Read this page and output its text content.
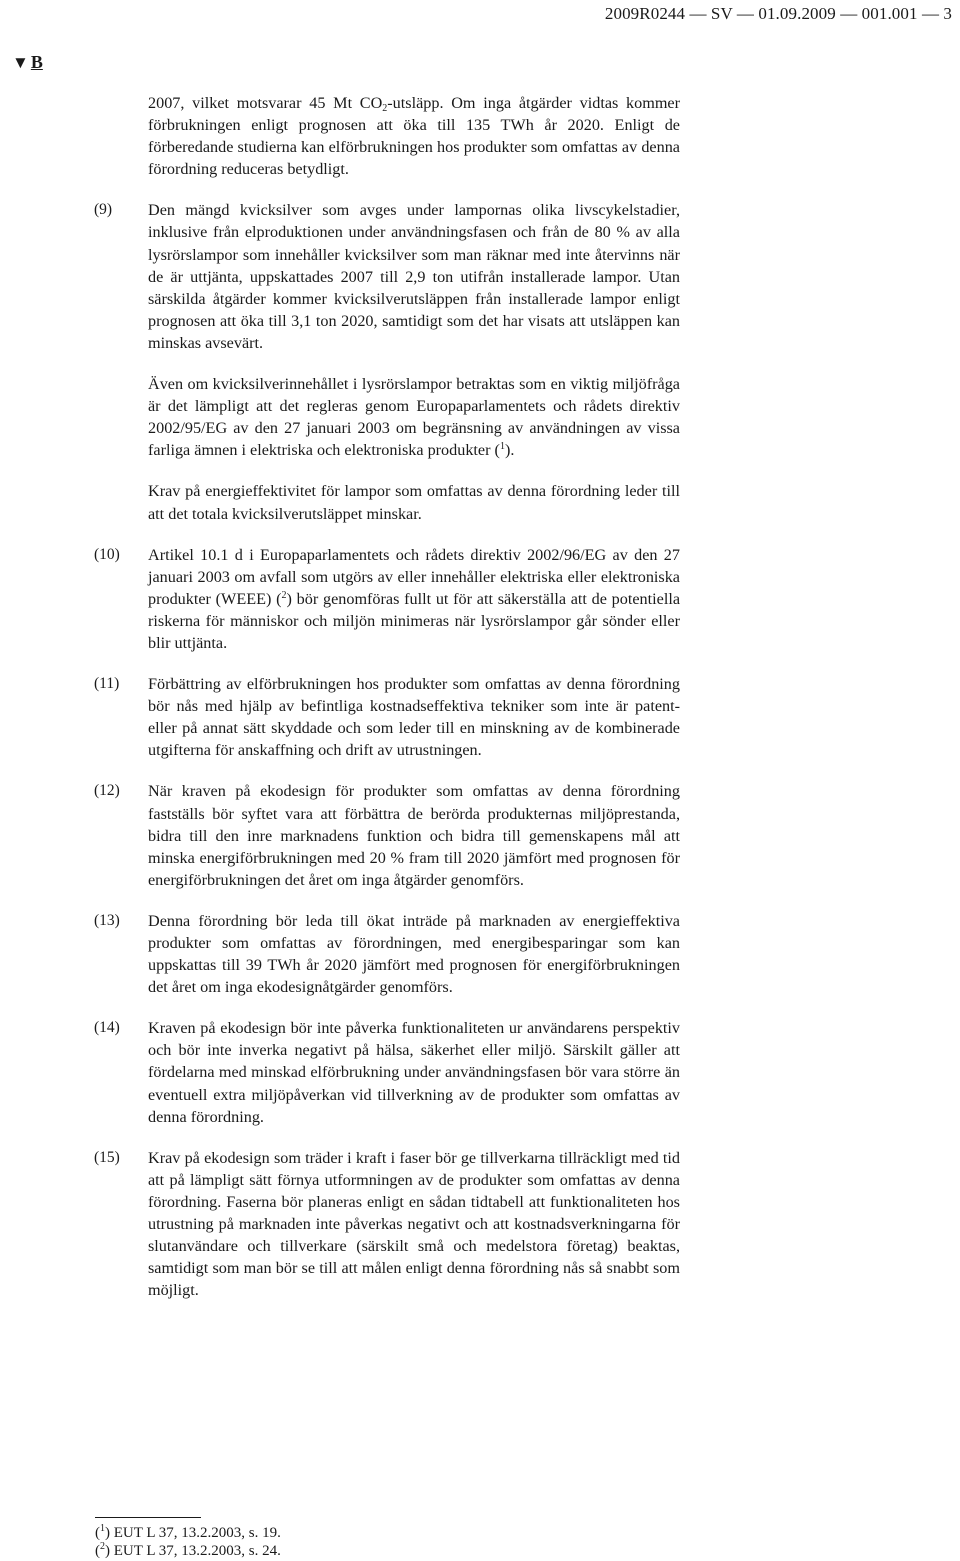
2009R0244 — SV — 01.09.2009 — 001.001 — 3
▼ B
2007, vilket motsvarar 45 Mt $CO_2$-utsläpp. Om inga åtgärder vidtas kommer förbrukningen enligt prognosen att öka till 135 TWh år 2020. Enligt de förberedande studierna kan elförbrukningen hos produkter som omfattas av denna förordning reduceras betydligt.
(9) Den mängd kvicksilver som avges under lampornas olika livscykelstadier, inklusive från elproduktionen under användningsfasen och från de 80 % av alla lysrörslampor som innehåller kvicksilver som man räknar med inte återvinns när de är uttjänta, uppskattades 2007 till 2,9 ton utifrån installerade lampor. Utan särskilda åtgärder kommer kvicksilverutsläppen från installerade lampor enligt prognosen att öka till 3,1 ton 2020, samtidigt som det har visats att utsläppen kan minskas avsevärt.
Även om kvicksilverinnehållet i lysrörslampor betraktas som en viktig miljöfråga är det lämpligt att det regleras genom Europaparlamentets och rådets direktiv 2002/95/EG av den 27 januari 2003 om begränsning av användningen av vissa farliga ämnen i elektriska och elektroniska produkter ($^1$).
Krav på energieffektivitet för lampor som omfattas av denna förordning leder till att det totala kvicksilverutsläppet minskar.
(10) Artikel 10.1 d i Europaparlamentets och rådets direktiv 2002/96/EG av den 27 januari 2003 om avfall som utgörs av eller innehåller elektriska eller elektroniska produkter (WEEE) ($^2$) bör genomföras fullt ut för att säkerställa att de potentiella riskerna för människor och miljön minimeras när lysrörslampor går sönder eller blir uttjänta.
(11) Förbättring av elförbrukningen hos produkter som omfattas av denna förordning bör nås med hjälp av befintliga kostnadseffektiva tekniker som inte är patent- eller på annat sätt skyddade och som leder till en minskning av de kombinerade utgifterna för anskaffning och drift av utrustningen.
(12) När kraven på ekodesign för produkter som omfattas av denna förordning fastställs bör syftet vara att förbättra de berörda produkternas miljöprestanda, bidra till den inre marknadens funktion och bidra till gemenskapens mål att minska energiförbrukningen med 20 % fram till 2020 jämfört med prognosen för energiförbrukningen det året om inga åtgärder genomförs.
(13) Denna förordning bör leda till ökat inträde på marknaden av energieffektiva produkter som omfattas av förordningen, med energibesparingar som kan uppskattas till 39 TWh år 2020 jämfört med prognosen för energiförbrukningen det året om inga ekodesignåtgärder genomförs.
(14) Kraven på ekodesign bör inte påverka funktionaliteten ur användarens perspektiv och bör inte inverka negativt på hälsa, säkerhet eller miljö. Särskilt gäller att fördelarna med minskad elförbrukning under användningsfasen bör vara större än eventuell extra miljöpåverkan vid tillverkning av de produkter som omfattas av denna förordning.
(15) Krav på ekodesign som träder i kraft i faser bör ge tillverkarna tillräckligt med tid att på lämpligt sätt förnya utformningen av de produkter som omfattas av denna förordning. Faserna bör planeras enligt en sådan tidtabell att funktionaliteten hos utrustning på marknaden inte påverkas negativt och att kostnadsverkningarna för slutanvändare och tillverkare (särskilt små och medelstora företag) beaktas, samtidigt som man bör se till att målen enligt denna förordning nås så snabbt som möjligt.
($^1$) EUT L 37, 13.2.2003, s. 19.
($^2$) EUT L 37, 13.2.2003, s. 24.
